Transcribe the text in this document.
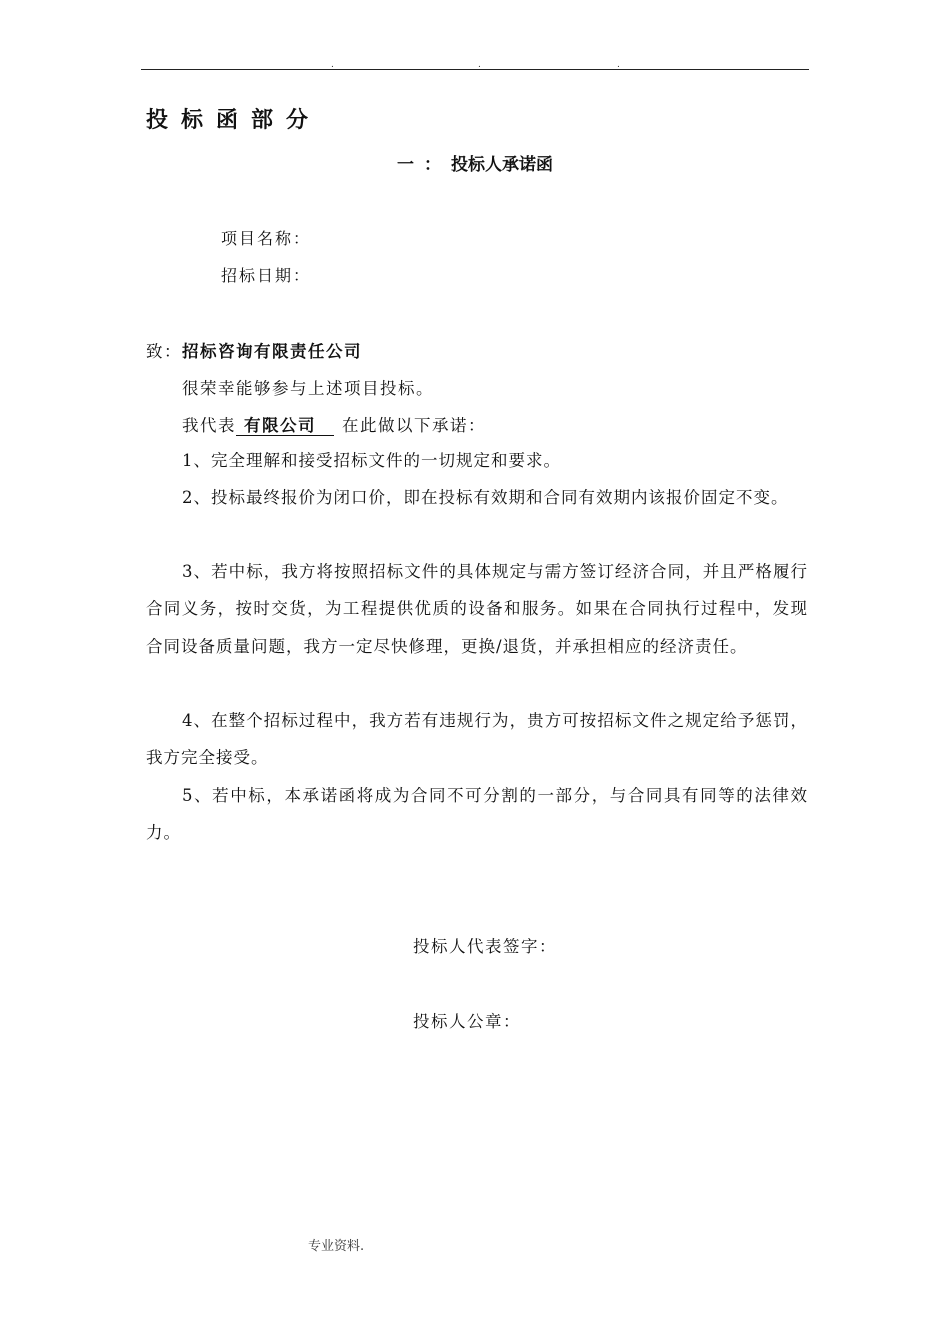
.	.	.
投标函部分
一：投标人承诺函
项目名称：
招标日期：
致：招标咨询有限责任公司
很荣幸能够参与上述项目投标。
我代表 有限公司 在此做以下承诺：
1、完全理解和接受招标文件的一切规定和要求。
2、投标最终报价为闭口价，即在投标有效期和合同有效期内该报价固定不变。
3、若中标，我方将按照招标文件的具体规定与需方签订经济合同，并且严格履行合同义务，按时交货，为工程提供优质的设备和服务。如果在合同执行过程中，发现合同设备质量问题，我方一定尽快修理，更换/退货，并承担相应的经济责任。
4、在整个招标过程中，我方若有违规行为，贵方可按招标文件之规定给予惩罚，我方完全接受。
5、若中标，本承诺函将成为合同不可分割的一部分，与合同具有同等的法律效力。
投标人代表签字：
投标人公章：
专业资料.
